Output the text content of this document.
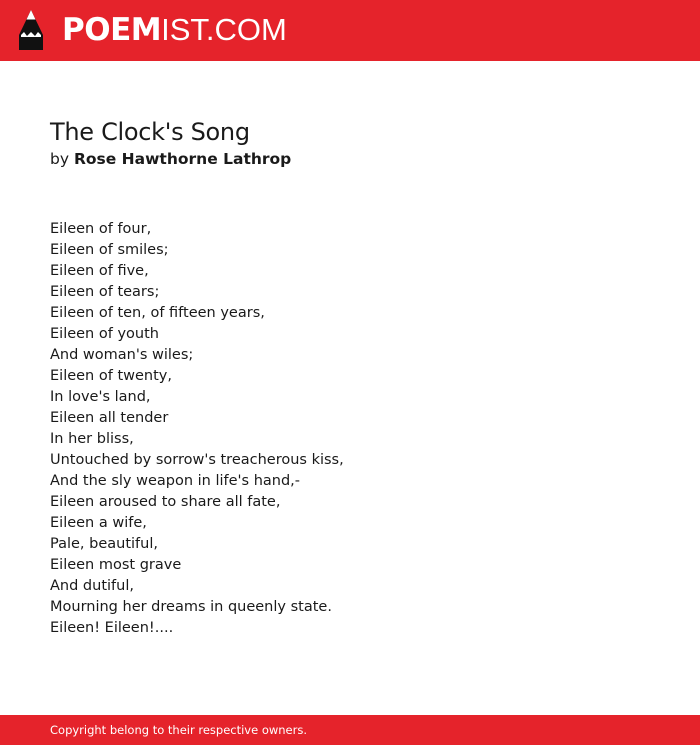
POEMIST.COM
The Clock's Song
by Rose Hawthorne Lathrop
Eileen of four,
Eileen of smiles;
Eileen of five,
Eileen of tears;
Eileen of ten, of fifteen years,
Eileen of youth
And woman's wiles;
Eileen of twenty,
In love's land,
Eileen all tender
In her bliss,
Untouched by sorrow's treacherous kiss,
And the sly weapon in life's hand,-
Eileen aroused to share all fate,
Eileen a wife,
Pale, beautiful,
Eileen most grave
And dutiful,
Mourning her dreams in queenly state.
Eileen! Eileen!....
Copyright belong to their respective owners.
